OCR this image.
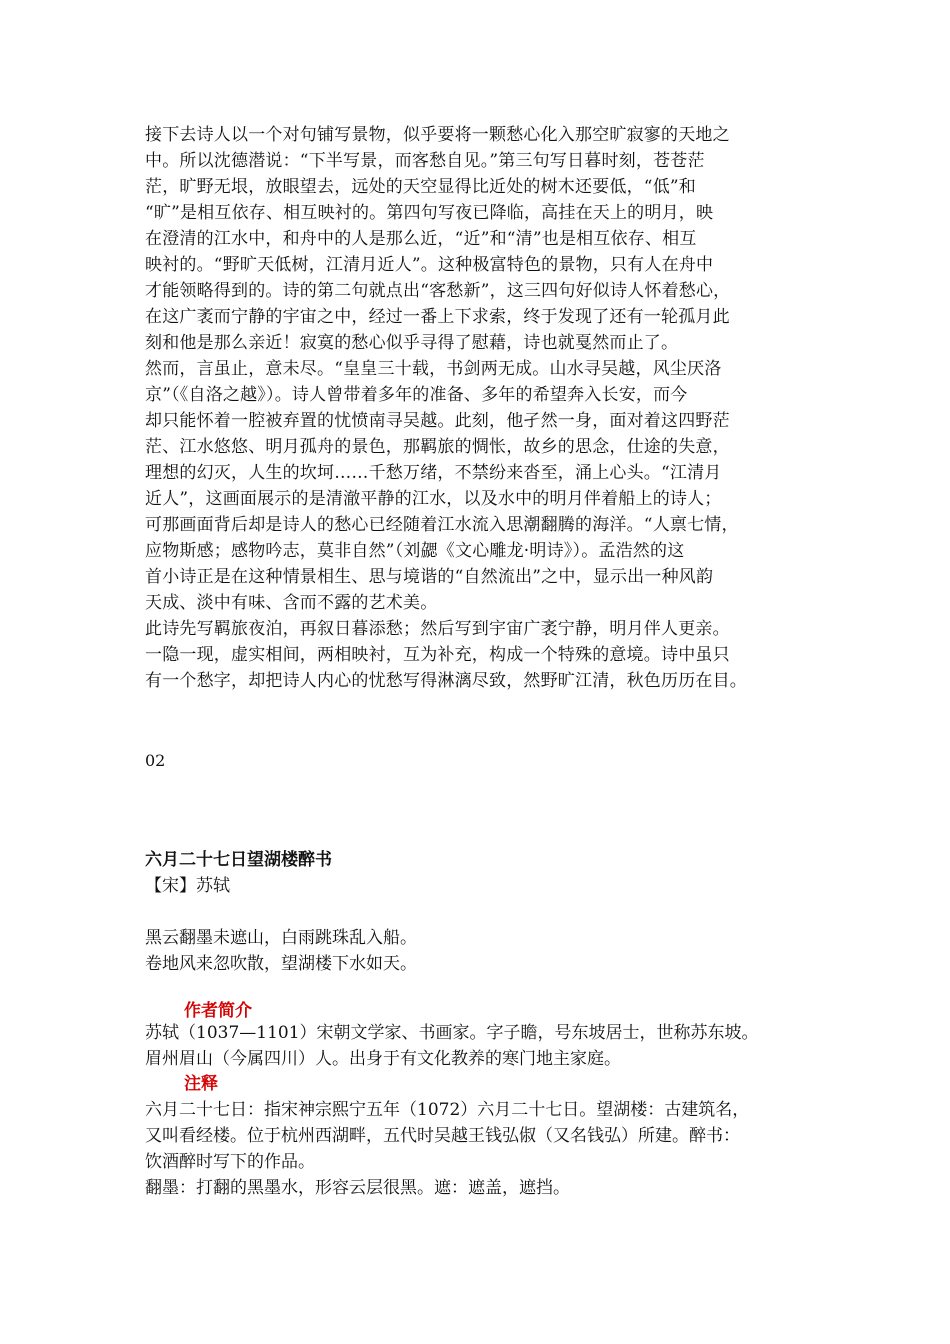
接下去诗人以一个对句铺写景物，似乎要将一颗愁心化入那空旷寂寥的天地之

中。所以沈德潜说：“下半写景，而客愁自见。”第三句写日暮时刻，苍苍茫

茫，旷野无垠，放眼望去，远处的天空显得比近处的树木还要低，“低”和

“旷”是相互依存、相互映衬的。第四句写夜已降临，高挂在天上的明月，映

在澄清的江水中，和舟中的人是那么近，“近”和“清”也是相互依存、相互

映衬的。“野旷天低树，江清月近人”。这种极富特色的景物，只有人在舟中

才能领略得到的。诗的第二句就点出“客愁新”，这三四句好似诗人怀着愁心，

在这广袤而宁静的宇宙之中，经过一番上下求索，终于发现了还有一轮孤月此

刻和他是那么亲近！寂寞的愁心似乎寻得了慰藉，诗也就戛然而止了。

然而，言虽止，意未尽。“皇皇三十载，书剑两无成。山水寻吴越，风尘厌洛

京”（《自洛之越》）。诗人曾带着多年的准备、多年的希望奔入长安，而今

却只能怀着一腔被弃置的忧愤南寻吴越。此刻，他孑然一身，面对着这四野茫

茫、江水悠悠、明月孤舟的景色，那羁旅的惆怅，故乡的思念，仕途的失意，

理想的幻灭，人生的坎坷……千愁万绪，不禁纷来沓至，涌上心头。“江清月

近人”，这画面展示的是清澈平静的江水，以及水中的明月伴着船上的诗人；

可那画面背后却是诗人的愁心已经随着江水流入思潮翻腾的海洋。“人禀七情，

应物斯感；感物吟志，莫非自然”（刘勰《文心雕龙·明诗》）。孟浩然的这

首小诗正是在这种情景相生、思与境谐的“自然流出”之中，显示出一种风韵

天成、淡中有味、含而不露的艺术美。

此诗先写羁旅夜泊，再叙日暮添愁；然后写到宇宙广袤宁静，明月伴人更亲。

一隐一现，虚实相间，两相映衬，互为补充，构成一个特殊的意境。诗中虽只

有一个愁字，却把诗人内心的忧愁写得淋漓尽致，然野旷江清，秋色历历在目。

02
六月二十七日望湖楼醉书
【宋】苏轼
黑云翻墨未遮山，白雨跳珠乱入船。
卷地风来忽吹散，望湖楼下水如天。
作者简介
苏轼（1037—1101）宋朝文学家、书画家。字子瞻，号东坡居士，世称苏东坡。
眉州眉山（今属四川）人。出身于有文化教养的寒门地主家庭。
注释
六月二十七日：指宋神宗熙宁五年（1072）六月二十七日。望湖楼：古建筑名，
又叫看经楼。位于杭州西湖畔，五代时吴越王钱弘俶（又名钱弘）所建。醉书：
饮酒醉时写下的作品。
翻墨：打翻的黑墨水，形容云层很黑。遮：遮盖，遮挡。
